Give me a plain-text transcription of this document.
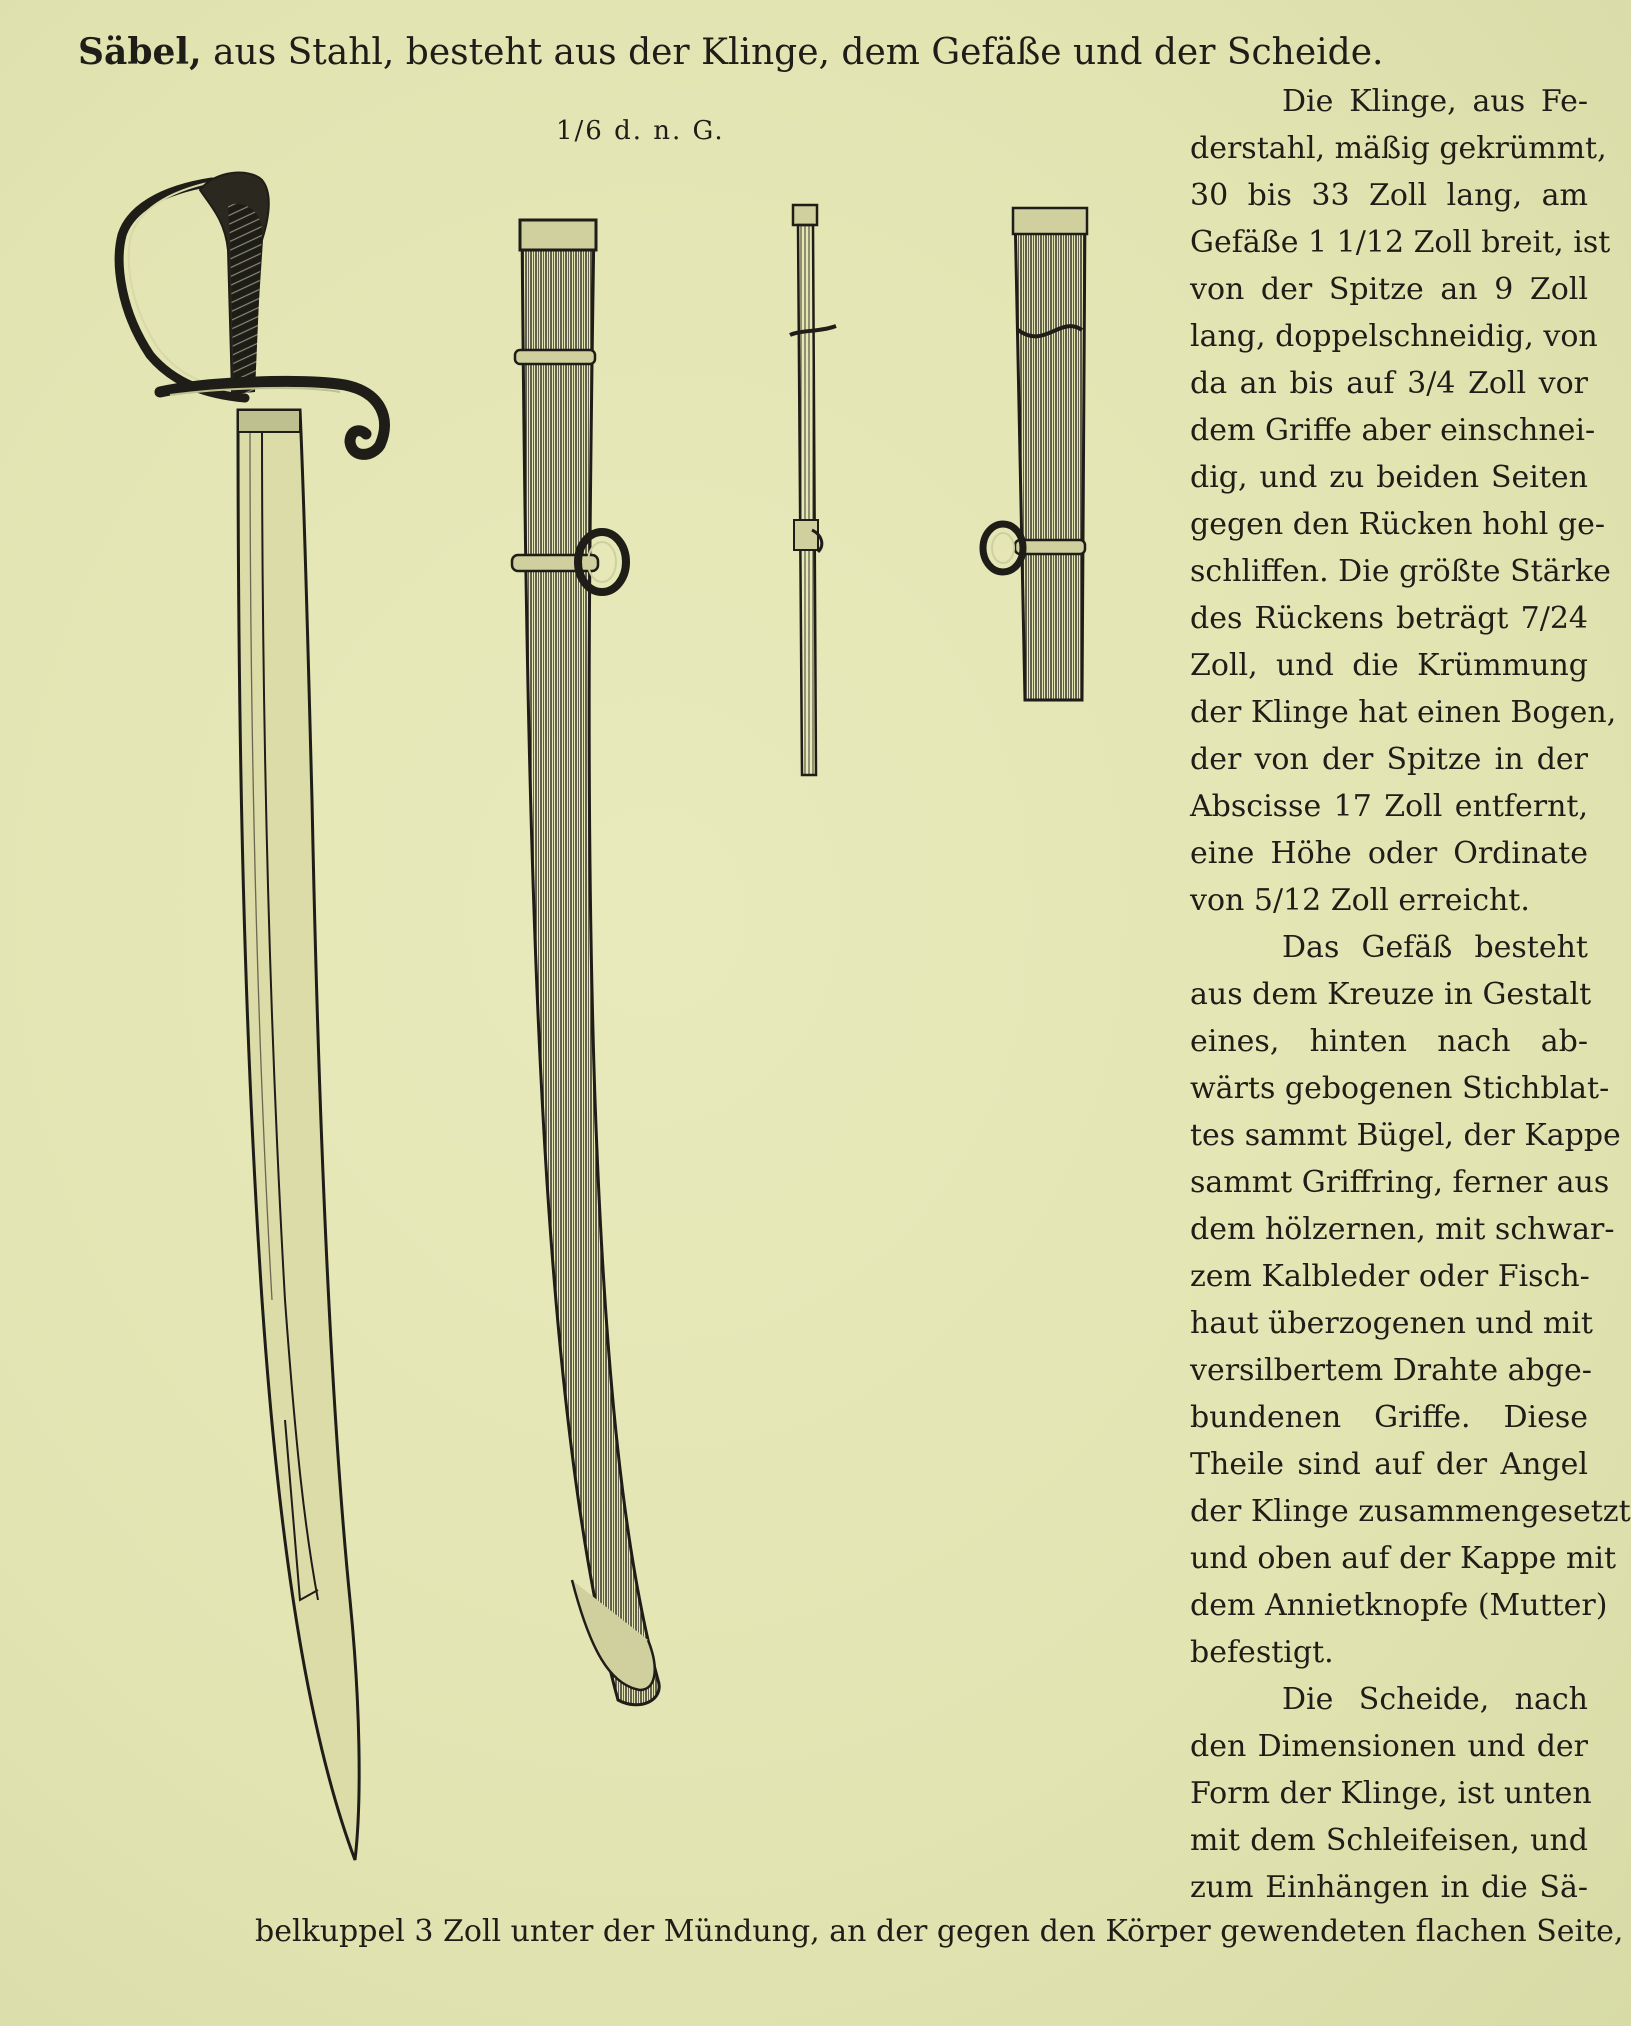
Säbel, aus Stahl, besteht aus der Klinge, dem Gefäße und der Scheide.
1/6 d. n. G.

Die Klinge, aus Fe-
derstahl, mäßig gekrümmt,
30 bis 33 Zoll lang, am
Gefäße 1 1/12 Zoll breit, ist
von der Spitze an 9 Zoll
lang, doppelschneidig, von
da an bis auf 3/4 Zoll vor
dem Griffe aber einschnei-
dig, und zu beiden Seiten
gegen den Rücken hohl ge-
schliffen. Die größte Stärke
des Rückens beträgt 7/24
Zoll, und die Krümmung
der Klinge hat einen Bogen,
der von der Spitze in der
Abscisse 17 Zoll entfernt,
eine Höhe oder Ordinate
von 5/12 Zoll erreicht.

Das Gefäß besteht
aus dem Kreuze in Gestalt
eines, hinten nach ab-
wärts gebogenen Stichblat-
tes sammt Bügel, der Kappe
sammt Griffring, ferner aus
dem hölzernen, mit schwar-
zem Kalbleder oder Fisch-
haut überzogenen und mit
versilbertem Drahte abge-
bundenen Griffe. Diese
Theile sind auf der Angel
der Klinge zusammengesetzt
und oben auf der Kappe mit
dem Annietknopfe (Mutter)
befestigt.

Die Scheide, nach
den Dimensionen und der
Form der Klinge, ist unten
mit dem Schleifeisen, und
zum Einhängen in die Sä-

belkuppel 3 Zoll unter der Mündung, an der gegen den Körper gewendeten flachen Seite,
